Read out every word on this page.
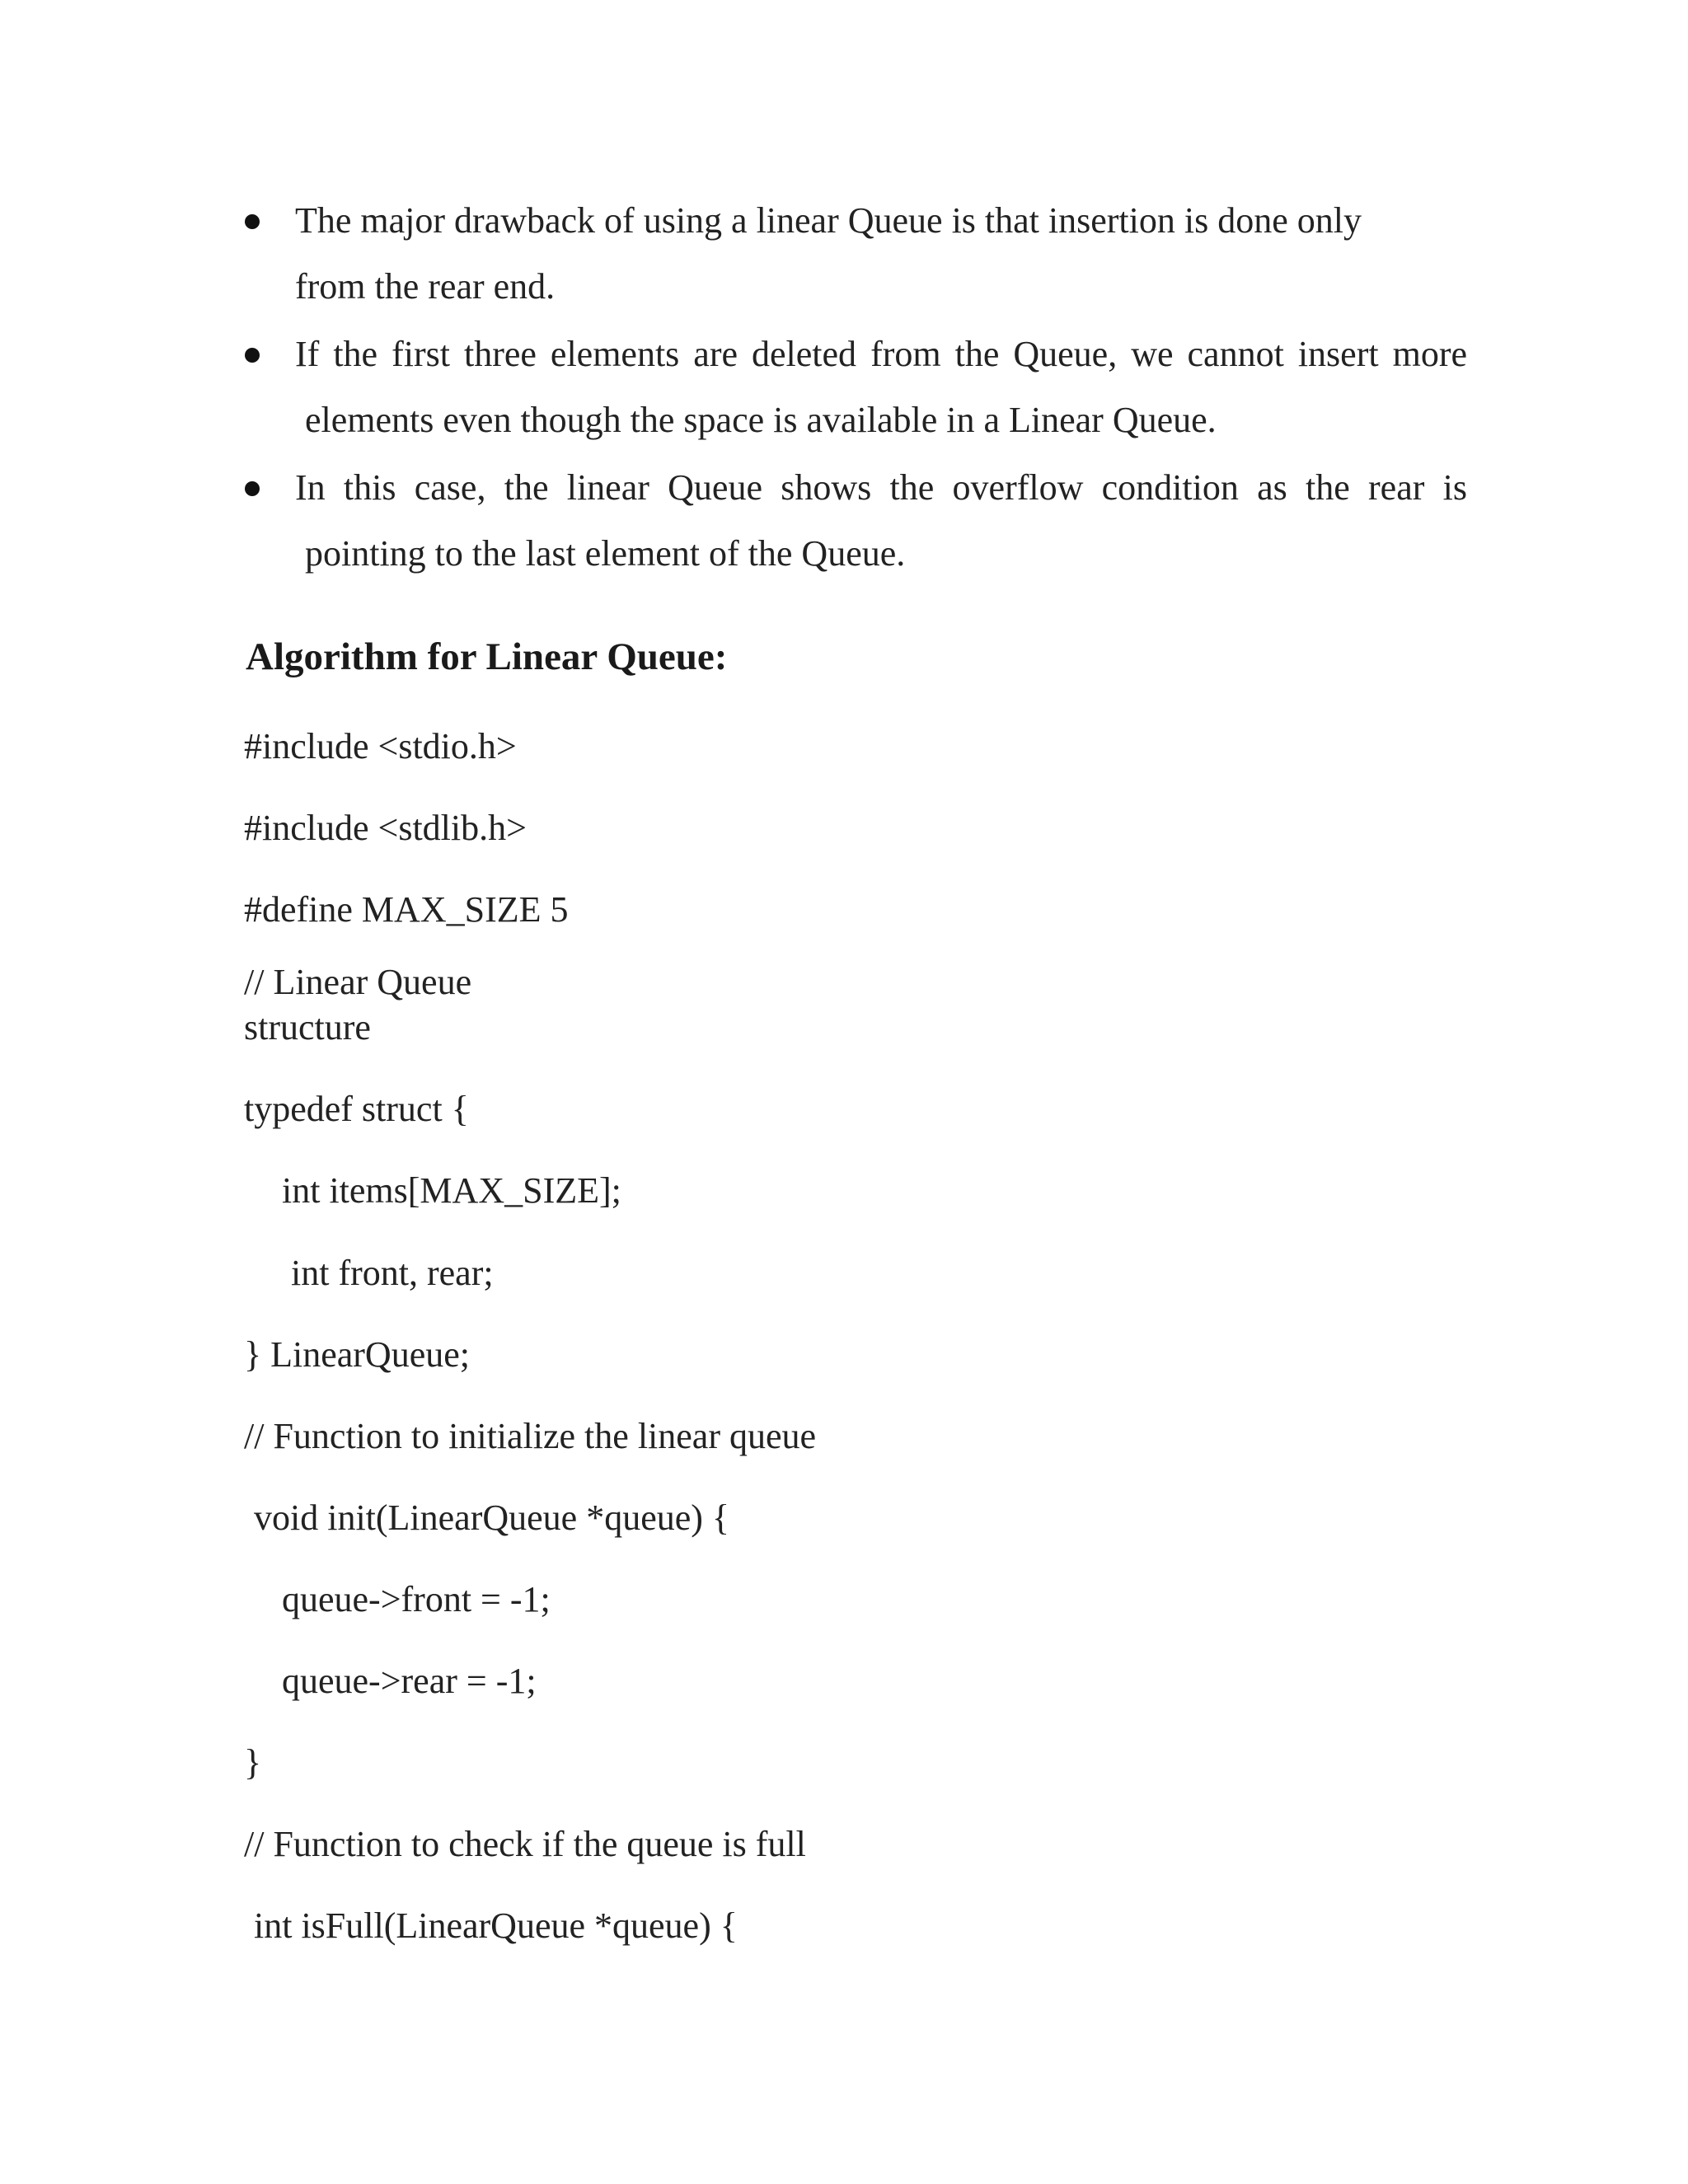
The major drawback of using a linear Queue is that insertion is done only
from the rear end.
If the first three elements are deleted from the Queue, we cannot insert more
elements even though the space is available in a Linear Queue.
In this case, the linear Queue shows the overflow condition as the rear is
pointing to the last element of the Queue.
Algorithm for Linear Queue:
#include <stdio.h>
#include <stdlib.h>
#define MAX_SIZE 5
// Linear Queue
structure
typedef struct {
int items[MAX_SIZE];
int front, rear;
} LinearQueue;
// Function to initialize the linear queue
void init(LinearQueue *queue) {
queue->front = -1;
queue->rear = -1;
}
// Function to check if the queue is full
int isFull(LinearQueue *queue) {
